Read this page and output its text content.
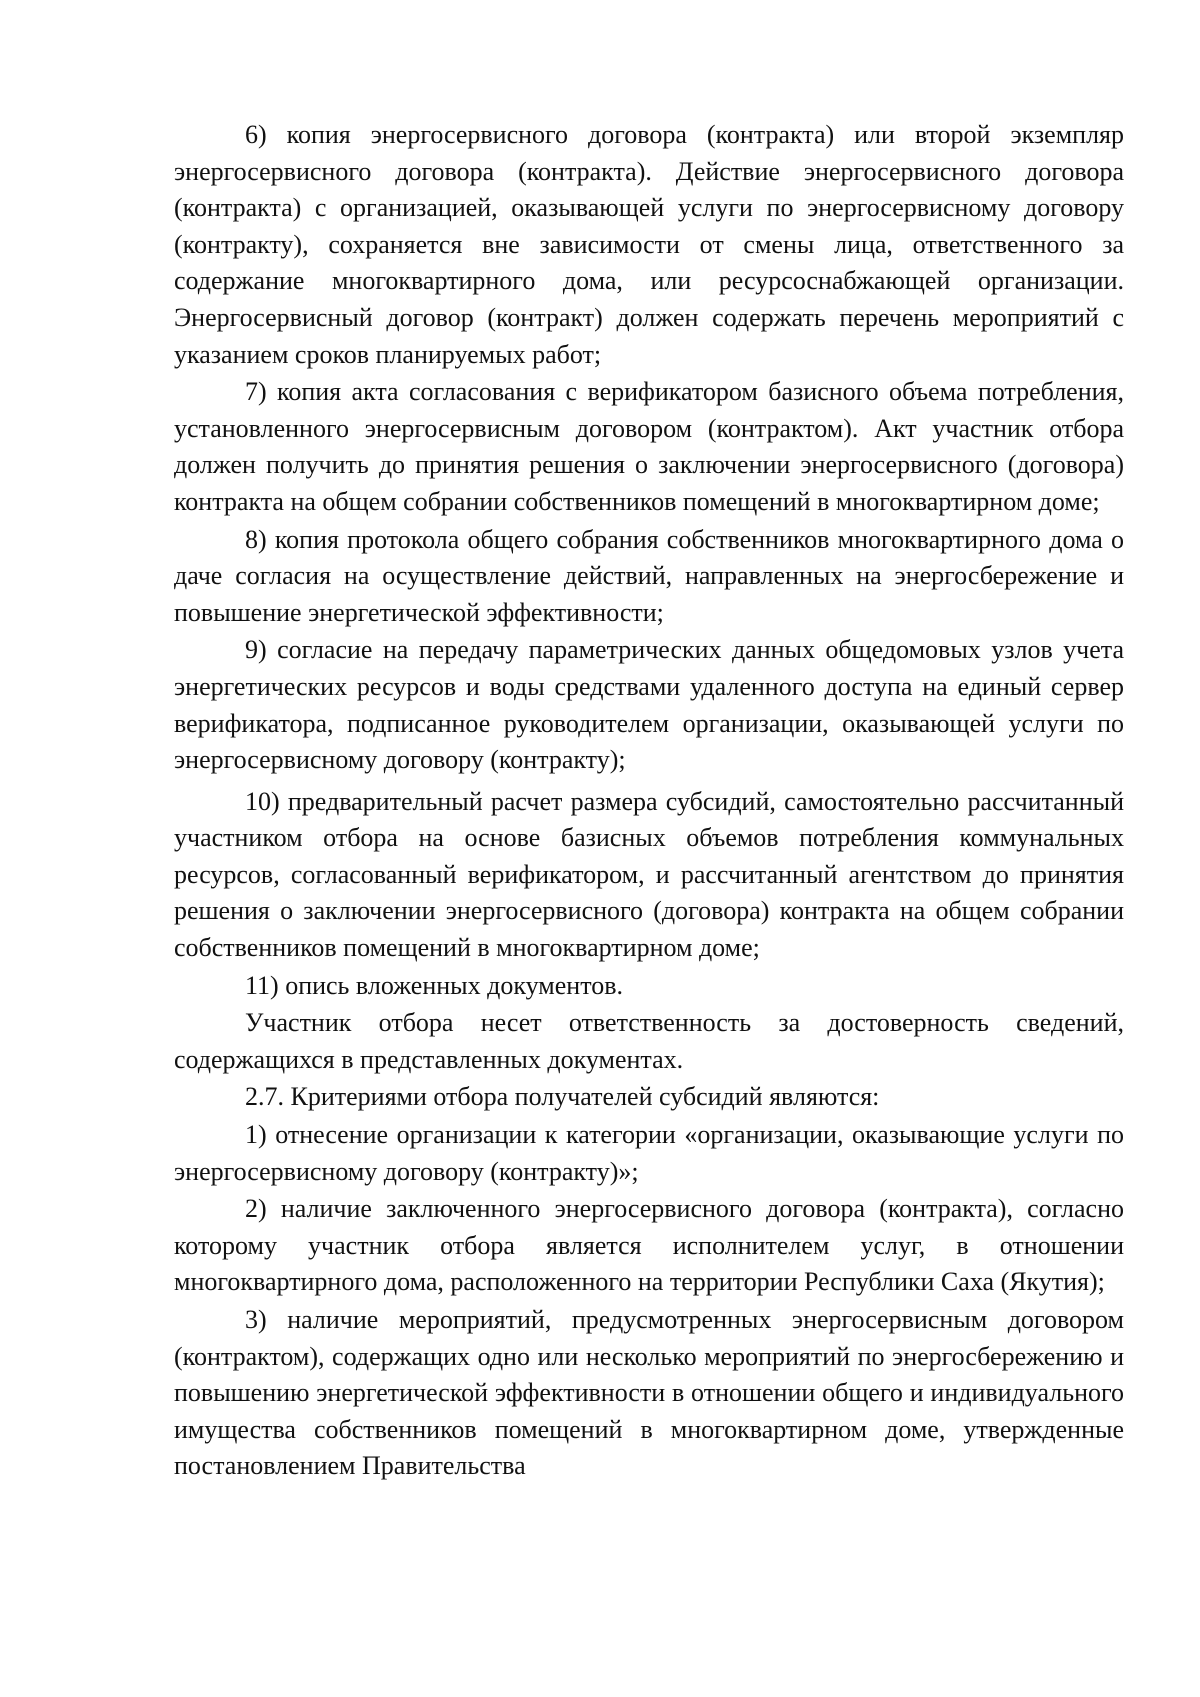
6) копия энергосервисного договора (контракта) или второй экземпляр энергосервисного договора (контракта). Действие энергосервисного договора (контракта) с организацией, оказывающей услуги по энергосервисному договору (контракту), сохраняется вне зависимости от смены лица, ответственного за содержание многоквартирного дома, или ресурсоснабжающей организации. Энергосервисный договор (контракт) должен содержать перечень мероприятий с указанием сроков планируемых работ;

7) копия акта согласования с верификатором базисного объема потребления, установленного энергосервисным договором (контрактом). Акт участник отбора должен получить до принятия решения о заключении энергосервисного (договора) контракта на общем собрании собственников помещений в многоквартирном доме;

8) копия протокола общего собрания собственников многоквартирного дома о даче согласия на осуществление действий, направленных на энергосбережение и повышение энергетической эффективности;

9) согласие на передачу параметрических данных общедомовых узлов учета энергетических ресурсов и воды средствами удаленного доступа на единый сервер верификатора, подписанное руководителем организации, оказывающей услуги по энергосервисному договору (контракту);

10) предварительный расчет размера субсидий, самостоятельно рассчитанный участником отбора на основе базисных объемов потребления коммунальных ресурсов, согласованный верификатором, и рассчитанный агентством до принятия решения о заключении энергосервисного (договора) контракта на общем собрании собственников помещений в многоквартирном доме;

11) опись вложенных документов.

Участник отбора несет ответственность за достоверность сведений, содержащихся в представленных документах.

2.7. Критериями отбора получателей субсидий являются:

1) отнесение организации к категории «организации, оказывающие услуги по энергосервисному договору (контракту)»;

2) наличие заключенного энергосервисного договора (контракта), согласно которому участник отбора является исполнителем услуг, в отношении многоквартирного дома, расположенного на территории Республики Саха (Якутия);

3) наличие мероприятий, предусмотренных энергосервисным договором (контрактом), содержащих одно или несколько мероприятий по энергосбережению и повышению энергетической эффективности в отношении общего и индивидуального имущества собственников помещений в многоквартирном доме, утвержденные постановлением Правительства
